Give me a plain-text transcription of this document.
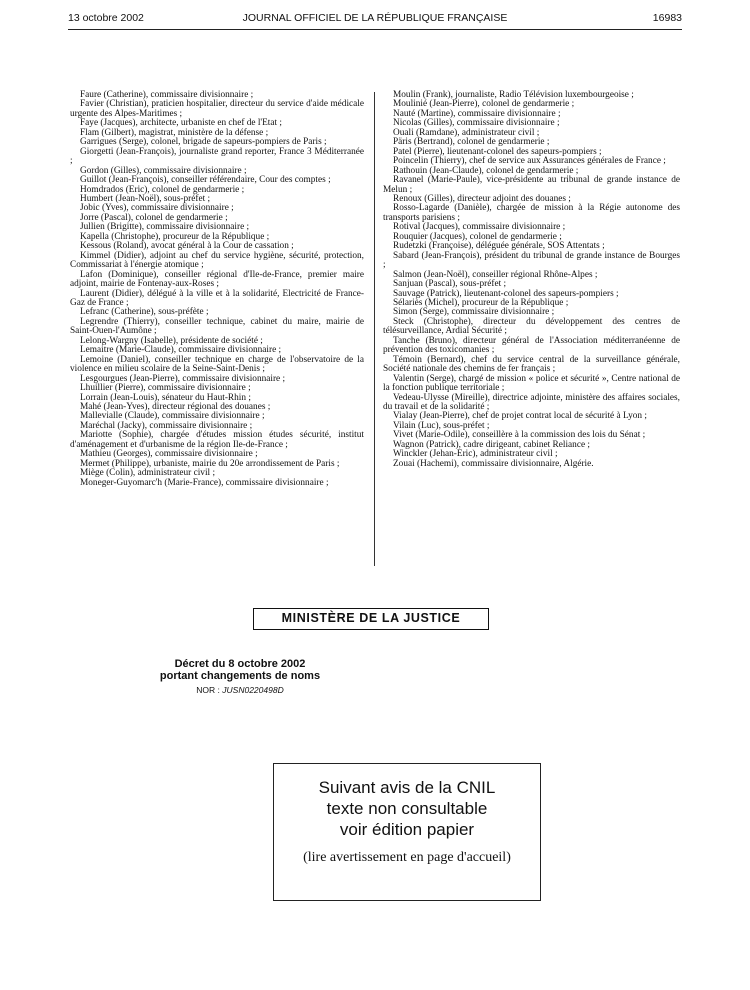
13 octobre 2002	JOURNAL OFFICIEL DE LA RÉPUBLIQUE FRANÇAISE	16983

Faure (Catherine), commissaire divisionnaire ;

Favier (Christian), praticien hospitalier, directeur du service d'aide médicale urgente des Alpes-Maritimes ;

Faye (Jacques), architecte, urbaniste en chef de l'Etat ;

Flam (Gilbert), magistrat, ministère de la défense ;

Garrigues (Serge), colonel, brigade de sapeurs-pompiers de Paris ;

Giorgetti (Jean-François), journaliste grand reporter, France 3 Méditerranée ;

Gordon (Gilles), commissaire divisionnaire ;

Guillot (Jean-François), conseiller référendaire, Cour des comptes ;

Homdrados (Eric), colonel de gendarmerie ;

Humbert (Jean-Noël), sous-préfet ;

Jobic (Yves), commissaire divisionnaire ;

Jorre (Pascal), colonel de gendarmerie ;

Jullien (Brigitte), commissaire divisionnaire ;

Kapella (Christophe), procureur de la République ;

Kessous (Roland), avocat général à la Cour de cassation ;

Kimmel (Didier), adjoint au chef du service hygiène, sécurité, protection, Commissariat à l'énergie atomique ;

Lafon (Dominique), conseiller régional d'Ile-de-France, premier maire adjoint, mairie de Fontenay-aux-Roses ;

Laurent (Didier), délégué à la ville et à la solidarité, Electricité de France-Gaz de France ;

Lefranc (Catherine), sous-préfète ;

Legrendre (Thierry), conseiller technique, cabinet du maire, mairie de Saint-Ouen-l'Aumône ;

Lelong-Wargny (Isabelle), présidente de société ;

Lemaitre (Marie-Claude), commissaire divisionnaire ;

Lemoine (Daniel), conseiller technique en charge de l'observatoire de la violence en milieu scolaire de la Seine-Saint-Denis ;

Lesgourgues (Jean-Pierre), commissaire divisionnaire ;

Lhuillier (Pierre), commissaire divisionnaire ;

Lorrain (Jean-Louis), sénateur du Haut-Rhin ;

Mahé (Jean-Yves), directeur régional des douanes ;

Mallevialle (Claude), commissaire divisionnaire ;

Maréchal (Jacky), commissaire divisionnaire ;

Mariotte (Sophie), chargée d'études mission études sécurité, institut d'aménagement et d'urbanisme de la région Ile-de-France ;

Mathieu (Georges), commissaire divisionnaire ;

Mermet (Philippe), urbaniste, mairie du 20e arrondissement de Paris ;

Miège (Colin), administrateur civil ;

Moneger-Guyomarc'h (Marie-France), commissaire divisionnaire ;

Moulin (Frank), journaliste, Radio Télévision luxembourgeoise ;

Moulinié (Jean-Pierre), colonel de gendarmerie ;

Nauté (Martine), commissaire divisionnaire ;

Nicolas (Gilles), commissaire divisionnaire ;

Ouali (Ramdane), administrateur civil ;

Päris (Bertrand), colonel de gendarmerie ;

Patel (Pierre), lieutenant-colonel des sapeurs-pompiers ;

Poincelin (Thierry), chef de service aux Assurances générales de France ;

Rathouin (Jean-Claude), colonel de gendarmerie ;

Ravanel (Marie-Paule), vice-présidente au tribunal de grande instance de Melun ;

Renoux (Gilles), directeur adjoint des douanes ;

Rosso-Lagarde (Danièle), chargée de mission à la Régie autonome des transports parisiens ;

Rotival (Jacques), commissaire divisionnaire ;

Rouquier (Jacques), colonel de gendarmerie ;

Rudetzki (Françoise), déléguée générale, SOS Attentats ;

Sabard (Jean-François), président du tribunal de grande instance de Bourges ;

Salmon (Jean-Noël), conseiller régional Rhône-Alpes ;

Sanjuan (Pascal), sous-préfet ;

Sauvage (Patrick), lieutenant-colonel des sapeurs-pompiers ;

Sélariès (Michel), procureur de la République ;

Simon (Serge), commissaire divisionnaire ;

Steck (Christophe), directeur du développement des centres de télésurveillance, Ardial Sécurité ;

Tanche (Bruno), directeur général de l'Association méditerranéenne de prévention des toxicomanies ;

Témoin (Bernard), chef du service central de la surveillance générale, Société nationale des chemins de fer français ;

Valentin (Serge), chargé de mission « police et sécurité », Centre national de la fonction publique territoriale ;

Vedeau-Ulysse (Mireille), directrice adjointe, ministère des affaires sociales, du travail et de la solidarité ;

Vialay (Jean-Pierre), chef de projet contrat local de sécurité à Lyon ;

Vilain (Luc), sous-préfet ;

Vivet (Marie-Odile), conseillère à la commission des lois du Sénat ;

Wagnon (Patrick), cadre dirigeant, cabinet Reliance ;

Winckler (Jehan-Eric), administrateur civil ;

Zouai (Hachemi), commissaire divisionnaire, Algérie.

MINISTÈRE DE LA JUSTICE
Décret du 8 octobre 2002
portant changements de noms
NOR : JUSN0220498D
Suivant avis de la CNIL
texte non consultable
voir édition papier
(lire avertissement en page d'accueil)
